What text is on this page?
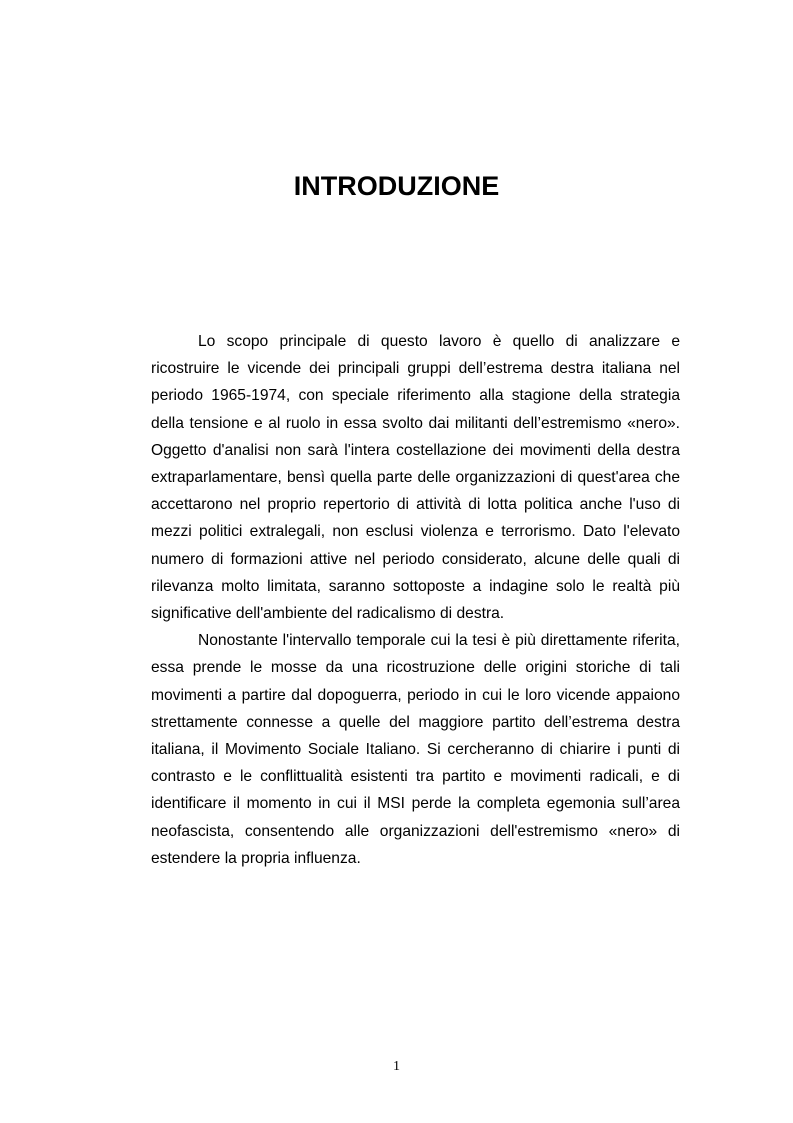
INTRODUZIONE

Lo scopo principale di questo lavoro è quello di analizzare e ricostruire le vicende dei principali gruppi dell’estrema destra italiana nel periodo 1965-1974, con speciale riferimento alla stagione della strategia della tensione e al ruolo in essa svolto dai militanti dell’estremismo «nero». Oggetto d'analisi non sarà l'intera costellazione dei movimenti della destra extraparlamentare, bensì quella parte delle organizzazioni di quest'area che accettarono nel proprio repertorio di attività di lotta politica anche l'uso di mezzi politici extralegali, non esclusi violenza e terrorismo. Dato l'elevato numero di formazioni attive nel periodo considerato, alcune delle quali di rilevanza molto limitata, saranno sottoposte a indagine solo le realtà più significative dell'ambiente del radicalismo di destra.

Nonostante l'intervallo temporale cui la tesi è più direttamente riferita, essa prende le mosse da una ricostruzione delle origini storiche di tali movimenti a partire dal dopoguerra, periodo in cui le loro vicende appaiono strettamente connesse a quelle del maggiore partito dell’estrema destra italiana, il Movimento Sociale Italiano. Si cercheranno di chiarire i punti di contrasto e le conflittualità esistenti tra partito e movimenti radicali, e di identificare il momento in cui il MSI perde la completa egemonia sull’area neofascista, consentendo alle organizzazioni dell'estremismo «nero» di estendere la propria influenza.

1
